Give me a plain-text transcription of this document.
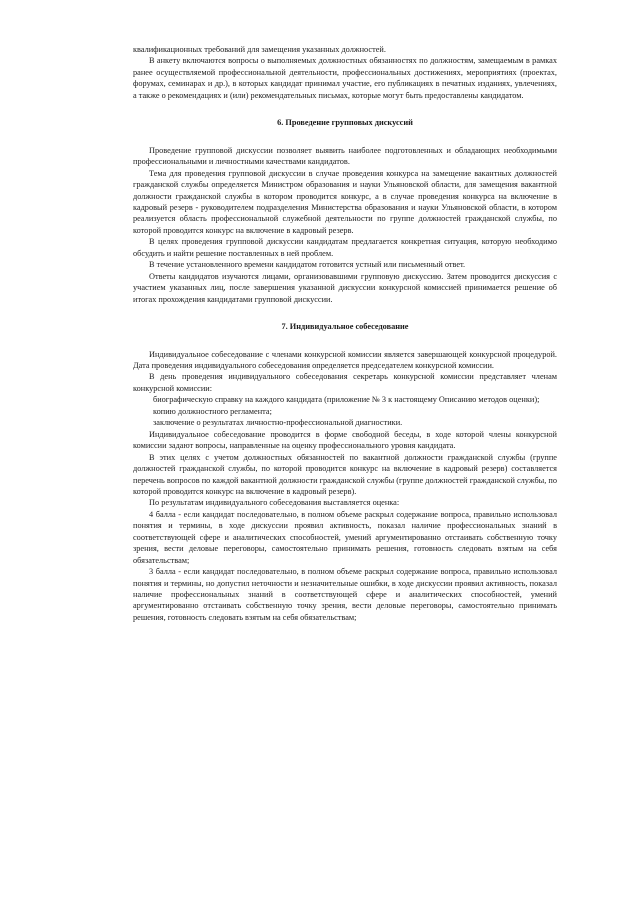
квалификационных требований для замещения указанных должностей.

В анкету включаются вопросы о выполняемых должностных обязанностях по должностям, замещаемым в рамках ранее осуществляемой профессиональной деятельности, профессиональных достижениях, мероприятиях (проектах, форумах, семинарах и др.), в которых кандидат принимал участие, его публикациях в печатных изданиях, увлечениях, а также о рекомендациях и (или) рекомендательных письмах, которые могут быть предоставлены кандидатом.

6. Проведение групповых дискуссий

Проведение групповой дискуссии позволяет выявить наиболее подготовленных и обладающих необходимыми профессиональными и личностными качествами кандидатов.

Тема для проведения групповой дискуссии в случае проведения конкурса на замещение вакантных должностей гражданской службы определяется Министром образования и науки Ульяновской области, для замещения вакантной должности гражданской службы в котором проводится конкурс, а в случае проведения конкурса на включение в кадровый резерв - руководителем подразделения Министерства образования и науки Ульяновской области, в котором реализуется область профессиональной служебной деятельности по группе должностей гражданской службы, по которой проводится конкурс на включение в кадровый резерв.

В целях проведения групповой дискуссии кандидатам предлагается конкретная ситуация, которую необходимо обсудить и найти решение поставленных в ней проблем.

В течение установленного времени кандидатом готовится устный или письменный ответ.

Ответы кандидатов изучаются лицами, организовавшими групповую дискуссию. Затем проводится дискуссия с участием указанных лиц, после завершения указанной дискуссии конкурсной комиссией принимается решение об итогах прохождения кандидатами групповой дискуссии.

7. Индивидуальное собеседование

Индивидуальное собеседование с членами конкурсной комиссии является завершающей конкурсной процедурой. Дата проведения индивидуального собеседования определяется председателем конкурсной комиссии.

В день проведения индивидуального собеседования секретарь конкурсной комиссии представляет членам конкурсной комиссии:

биографическую справку на каждого кандидата (приложение № 3 к настоящему Описанию методов оценки);

копию должностного регламента;

заключение о результатах личностно-профессиональной диагностики.

Индивидуальное собеседование проводится в форме свободной беседы, в ходе которой члены конкурсной комиссии задают вопросы, направленные на оценку профессионального уровня кандидата.

В этих целях с учетом должностных обязанностей по вакантной должности гражданской службы (группе должностей гражданской службы, по которой проводится конкурс на включение в кадровый резерв) составляется перечень вопросов по каждой вакантной должности гражданской службы (группе должностей гражданской службы, по которой проводится конкурс на включение в кадровый резерв).

По результатам индивидуального собеседования выставляется оценка:

4 балла - если кандидат последовательно, в полном объеме раскрыл содержание вопроса, правильно использовал понятия и термины, в ходе дискуссии проявил активность, показал наличие профессиональных знаний в соответствующей сфере и аналитических способностей, умений аргументированно отстаивать собственную точку зрения, вести деловые переговоры, самостоятельно принимать решения, готовность следовать взятым на себя обязательствам;

3 балла - если кандидат последовательно, в полном объеме раскрыл содержание вопроса, правильно использовал понятия и термины, но допустил неточности и незначительные ошибки, в ходе дискуссии проявил активность, показал наличие профессиональных знаний в соответствующей сфере и аналитических способностей, умений аргументированно отстаивать собственную точку зрения, вести деловые переговоры, самостоятельно принимать решения, готовность следовать взятым на себя обязательствам;
